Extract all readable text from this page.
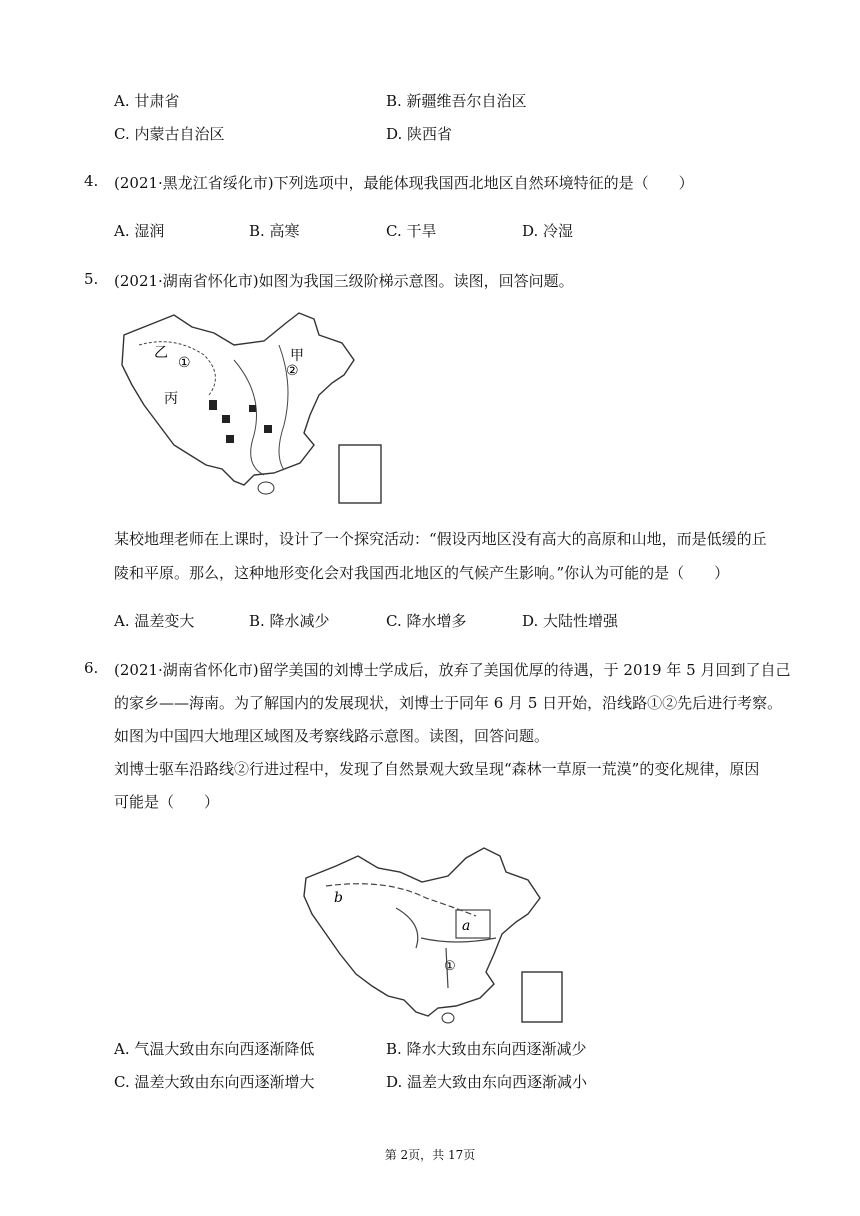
A. 甘肃省	B. 新疆维吾尔自治区
C. 内蒙古自治区	D. 陕西省
4. (2021·黑龙江省绥化市)下列选项中，最能体现我国西北地区自然环境特征的是（　　）
A. 湿润	B. 高寒	C. 干旱	D. 冷湿
5. (2021·湖南省怀化市)如图为我国三级阶梯示意图。读图，回答问题。
乙	甲
丙
①	②
某校地理老师在上课时，设计了一个探究活动：“假设丙地区没有高大的高原和山地，而是低缓的丘
陵和平原。那么，这种地形变化会对我国西北地区的气候产生影响。”你认为可能的是（　　）
A. 温差变大	B. 降水减少	C. 降水增多	D. 大陆性增强
6. (2021·湖南省怀化市)留学美国的刘博士学成后，放弃了美国优厚的待遇，于 2019 年 5 月回到了自己
的家乡——海南。为了解国内的发展现状，刘博士于同年 6 月 5 日开始，沿线路①②先后进行考察。
如图为中国四大地理区域图及考察线路示意图。读图，回答问题。
刘博士驱车沿路线②行进过程中，发现了自然景观大致呈现“森林一草原一荒漠”的变化规律，原因
可能是（　　）
b
a
①
A. 气温大致由东向西逐渐降低	B. 降水大致由东向西逐渐减少
C. 温差大致由东向西逐渐增大	D. 温差大致由东向西逐渐减小
第 2页，共 17页
